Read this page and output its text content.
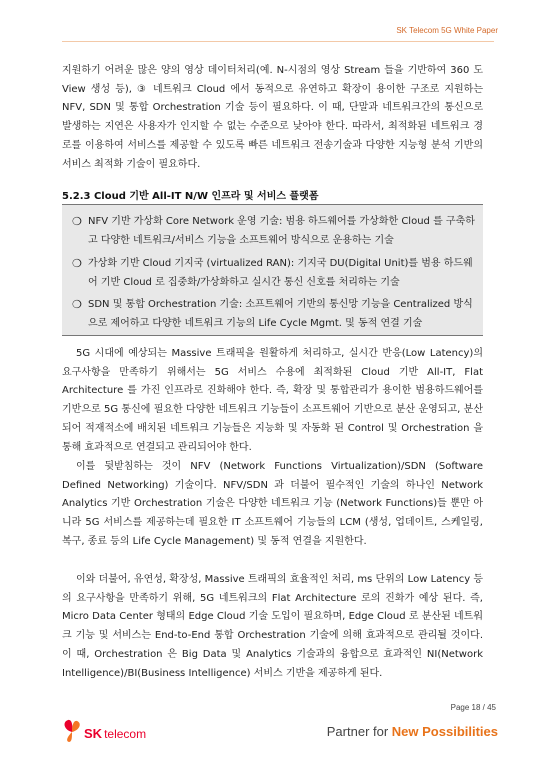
SK Telecom 5G White Paper

지원하기 어려운 많은 양의 영상 데이터처리(예. N-시점의 영상 Stream 들을 기반하여 360 도 View 생성 등), ③ 네트워크 Cloud 에서 동적으로 유연하고 확장이 용이한 구조로 지원하는 NFV, SDN 및 통합 Orchestration 기술 등이 필요하다. 이 때, 단말과 네트워크간의 통신으로 발생하는 지연은 사용자가 인지할 수 없는 수준으로 낮아야 한다. 따라서, 최적화된 네트워크 경로를 이용하여 서비스를 제공할 수 있도록 빠른 네트워크 전송기술과 다양한 지능형 분석 기반의 서비스 최적화 기술이 필요하다.

5.2.3 Cloud 기반 All-IT N/W 인프라 및 서비스 플랫폼
❍ NFV 기반 가상화 Core Network 운영 기술: 범용 하드웨어를 가상화한 Cloud 를 구축하고 다양한 네트워크/서비스 기능을 소프트웨어 방식으로 운용하는 기술
❍ 가상화 기반 Cloud 기지국 (virtualized RAN): 기지국 DU(Digital Unit)를 범용 하드웨어 기반 Cloud 로 집중화/가상화하고 실시간 통신 신호를 처리하는 기술
❍ SDN 및 통합 Orchestration 기술: 소프트웨어 기반의 통신망 기능을 Centralized 방식으로 제어하고 다양한 네트워크 기능의 Life Cycle Mgmt. 및 동적 연결 기술

5G 시대에 예상되는 Massive 트래픽을 원활하게 처리하고, 실시간 반응(Low Latency)의 요구사항을 만족하기 위해서는 5G 서비스 수용에 최적화된 Cloud 기반 All-IT, Flat Architecture 를 가진 인프라로 진화해야 한다. 즉, 확장 및 통합관리가 용이한 범용하드웨어를 기반으로 5G 통신에 필요한 다양한 네트워크 기능들이 소프트웨어 기반으로 분산 운영되고, 분산되어 적재적소에 배치된 네트워크 기능들은 지능화 및 자동화 된 Control 및 Orchestration 을 통해 효과적으로 연결되고 관리되어야 한다.

이를 뒷받침하는 것이 NFV (Network Functions Virtualization)/SDN (Software Defined Networking) 기술이다. NFV/SDN 과 더불어 필수적인 기술의 하나인 Network Analytics 기반 Orchestration 기술은 다양한 네트워크 기능 (Network Functions)들 뿐만 아니라 5G 서비스를 제공하는데 필요한 IT 소프트웨어 기능들의 LCM (생성, 업데이트, 스케일링, 복구, 종료 등의 Life Cycle Management) 및 동적 연결을 지원한다.

이와 더불어, 유연성, 확장성, Massive 트래픽의 효율적인 처리, ms 단위의 Low Latency 등의 요구사항을 만족하기 위해, 5G 네트워크의 Flat Architecture 로의 진화가 예상 된다. 즉, Micro Data Center 형태의 Edge Cloud 기술 도입이 필요하며, Edge Cloud 로 분산된 네트워크 기능 및 서비스는 End-to-End 통합 Orchestration 기술에 의해 효과적으로 관리될 것이다. 이 때, Orchestration 은 Big Data 및 Analytics 기술과의 융합으로 효과적인 NI(Network Intelligence)/BI(Business Intelligence) 서비스 기반을 제공하게 된다.

Page 18 / 45
SK telecom	Partner for New Possibilities
